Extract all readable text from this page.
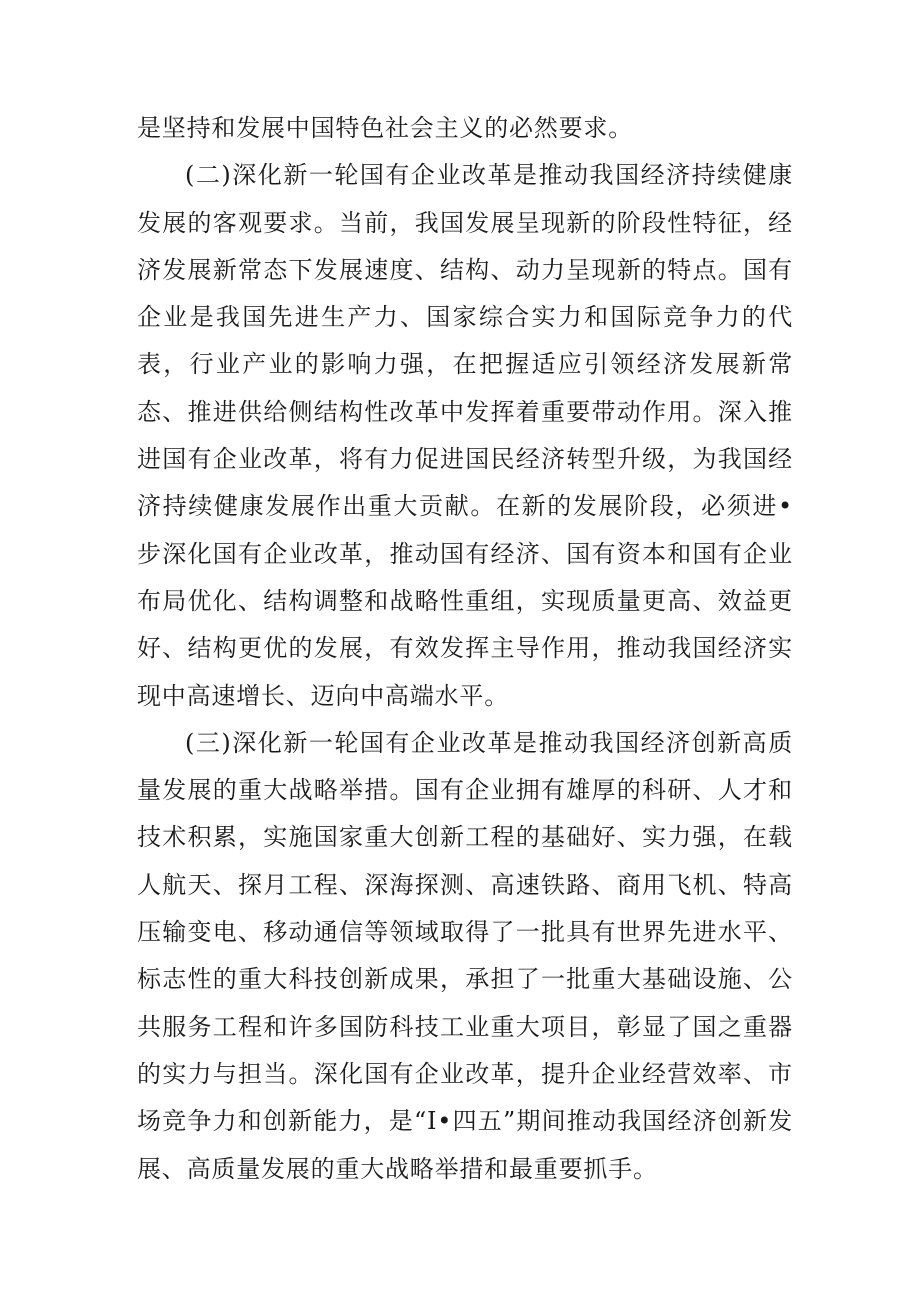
是坚持和发展中国特色社会主义的必然要求。

(二)深化新一轮国有企业改革是推动我国经济持续健康发展的客观要求。当前，我国发展呈现新的阶段性特征，经济发展新常态下发展速度、结构、动力呈现新的特点。国有企业是我国先进生产力、国家综合实力和国际竞争力的代表，行业产业的影响力强，在把握适应引领经济发展新常态、推进供给侧结构性改革中发挥着重要带动作用。深入推进国有企业改革，将有力促进国民经济转型升级，为我国经济持续健康发展作出重大贡献。在新的发展阶段，必须进•步深化国有企业改革，推动国有经济、国有资本和国有企业布局优化、结构调整和战略性重组，实现质量更高、效益更好、结构更优的发展，有效发挥主导作用，推动我国经济实现中高速增长、迈向中高端水平。

(三)深化新一轮国有企业改革是推动我国经济创新高质量发展的重大战略举措。国有企业拥有雄厚的科研、人才和技术积累，实施国家重大创新工程的基础好、实力强，在载人航天、探月工程、深海探测、高速铁路、商用飞机、特高压输变电、移动通信等领域取得了一批具有世界先进水平、标志性的重大科技创新成果，承担了一批重大基础设施、公共服务工程和许多国防科技工业重大项目，彰显了国之重器的实力与担当。深化国有企业改革，提升企业经营效率、市场竞争力和创新能力，是“I•四五”期间推动我国经济创新发展、高质量发展的重大战略举措和最重要抓手。
